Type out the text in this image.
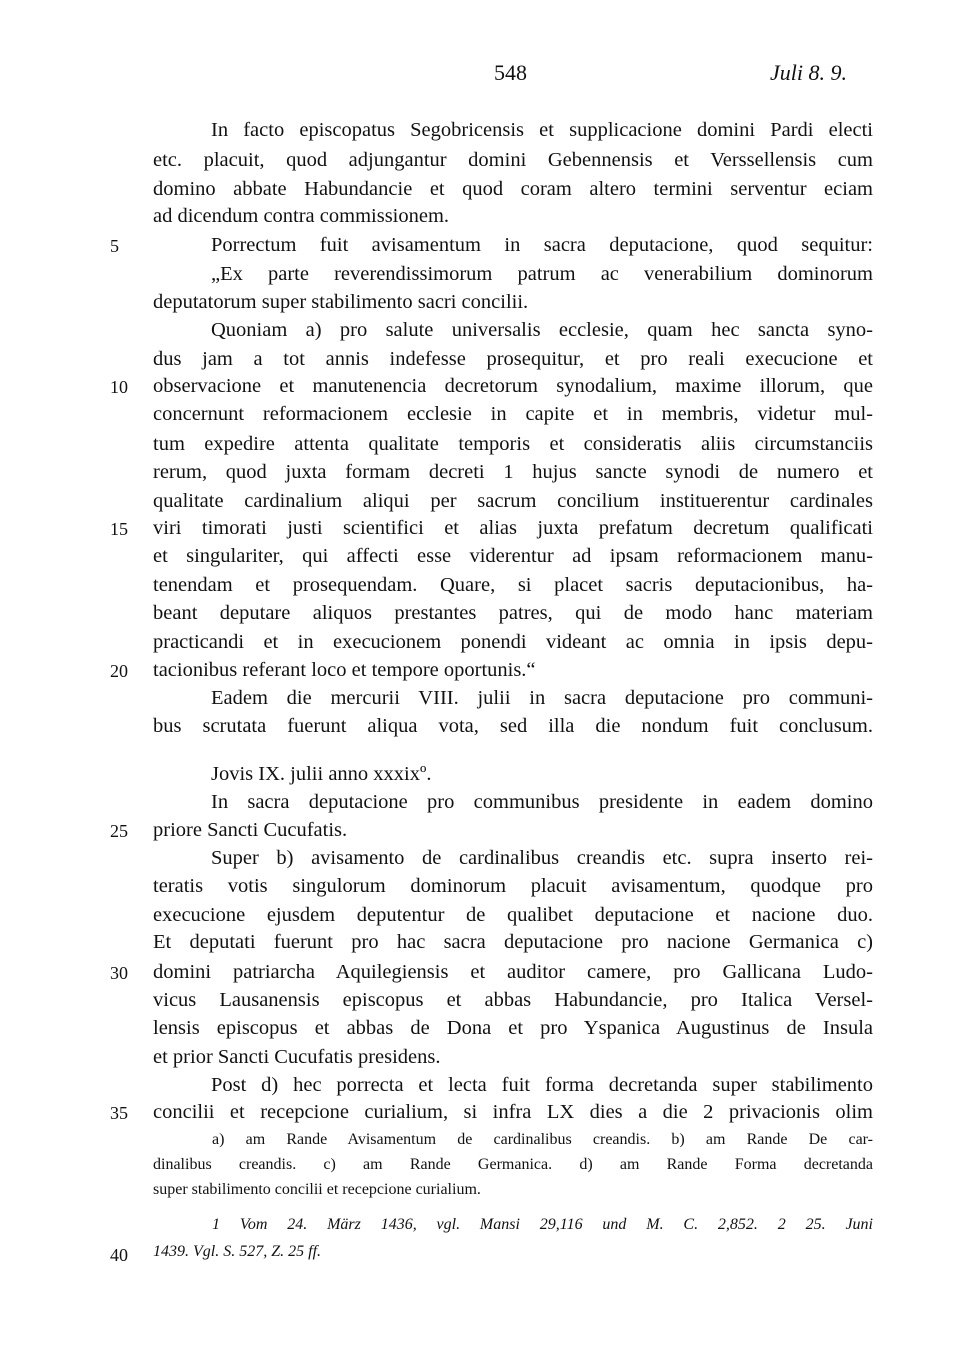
548	Juli 8. 9.
In facto episcopatus Segobricensis et supplicacione domini Pardi electi
etc. placuit, quod adjungantur domini Gebennensis et Verssellensis cum
domino abbate Habundancie et quod coram altero termini serventur eciam
ad dicendum contra commissionem.
5	Porrectum fuit avisamentum in sacra deputacione, quod sequitur:
„Ex parte reverendissimorum patrum ac venerabilium dominorum
deputatorum super stabilimento sacri concilii.
Quoniam a) pro salute universalis ecclesie, quam hec sancta syno-
dus jam a tot annis indefesse prosequitur, et pro reali execucione et
10	observacione et manutenencia decretorum synodalium, maxime illorum, que
concernunt reformacionem ecclesie in capite et in membris, videtur mul-
tum expedire attenta qualitate temporis et consideratis aliis circumstanciis
rerum, quod juxta formam decreti 1 hujus sancte synodi de numero et
qualitate cardinalium aliqui per sacrum concilium instituerentur cardinales
15	viri timorati justi scientifici et alias juxta prefatum decretum qualificati
et singulariter, qui affecti esse viderentur ad ipsam reformacionem manu-
tenendam et prosequendam. Quare, si placet sacris deputacionibus, ha-
beant deputare aliquos prestantes patres, qui de modo hanc materiam
practicandi et in execucionem ponendi videant ac omnia in ipsis depu-
20	tacionibus referant loco et tempore oportunis.“
Eadem die mercurii VIII. julii in sacra deputacione pro communi-
bus scrutata fuerunt aliqua vota, sed illa die nondum fuit conclusum.
Jovis IX. julii anno xxxixº.
In sacra deputacione pro communibus presidente in eadem domino
25	priore Sancti Cucufatis.
Super b) avisamento de cardinalibus creandis etc. supra inserto rei-
teratis votis singulorum dominorum placuit avisamentum, quodque pro
execucione ejusdem deputentur de qualibet deputacione et nacione duo.
Et deputati fuerunt pro hac sacra deputacione pro nacione Germanica c)
30	domini patriarcha Aquilegiensis et auditor camere, pro Gallicana Ludo-
vicus Lausanensis episcopus et abbas Habundancie, pro Italica Versel-
lensis episcopus et abbas de Dona et pro Yspanica Augustinus de Insula
et prior Sancti Cucufatis presidens.
Post d) hec porrecta et lecta fuit forma decretanda super stabilimento
35	concilii et recepcione curialium, si infra LX dies a die 2 privacionis olim
a) am Rande Avisamentum de cardinalibus creandis. b) am Rande De car-
dinalibus creandis. c) am Rande Germanica. d) am Rande Forma decretanda
super stabilimento concilii et recepcione curialium.
1 Vom 24. März 1436, vgl. Mansi 29,116 und M. C. 2,852. 2 25. Juni
40	1439. Vgl. S. 527, Z. 25 ff.
